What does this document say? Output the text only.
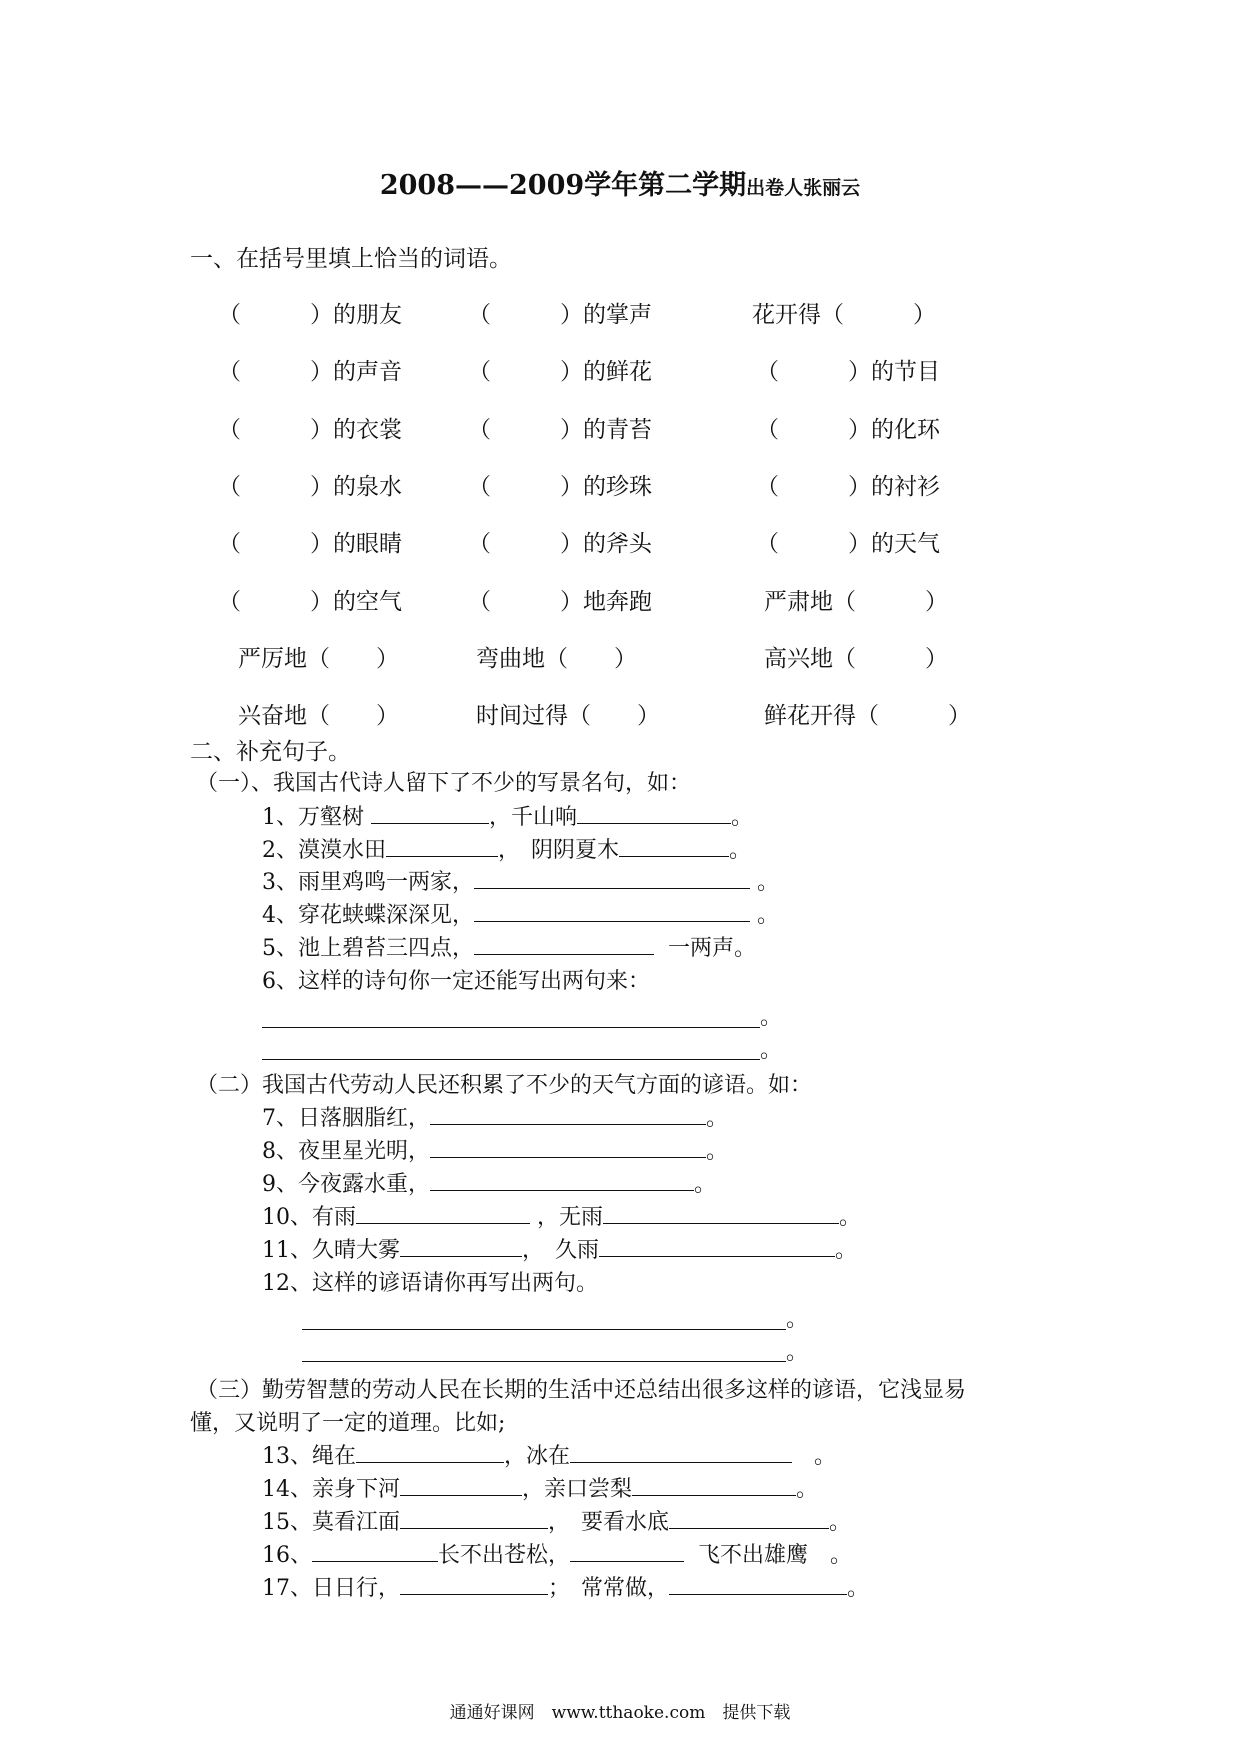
2008——2009学年第二学期出卷人张丽云
一、在括号里填上恰当的词语。
（　　　）的朋友	（　　　）的掌声	花开得（　　　）
（　　　）的声音	（　　　）的鲜花	（　　　）的节目
（　　　）的衣裳	（　　　）的青苔	（　　　）的化环
（　　　）的泉水	（　　　）的珍珠	（　　　）的衬衫
（　　　）的眼睛	（　　　）的斧头	（　　　）的天气
（　　　）的空气	（　　　）地奔跑	严肃地（　　　）
严厉地（　　）	弯曲地（　　）	高兴地（　　　）
兴奋地（　　）	时间过得（　　）	鲜花开得（　　　）
二、补充句子。
（一）、我国古代诗人留下了不少的写景名句，如：
1、万壑树	，千山响	。
2、漠漠水田	，　阴阴夏木	。
3、雨里鸡鸣一两家，	。
4、穿花蛱蝶深深见，	。
5、池上碧苔三四点，	一两声。
6、这样的诗句你一定还能写出两句来：
。
。
（二）我国古代劳动人民还积累了不少的天气方面的谚语。如：
7、日落胭脂红，	。
8、夜里星光明，	。
9、今夜露水重，	。
10、有雨	，无雨	。
11、久晴大雾	，　久雨	。
12、这样的谚语请你再写出两句。
。
。
（三）勤劳智慧的劳动人民在长期的生活中还总结出很多这样的谚语，它浅显易
懂，又说明了一定的道理。比如;
13、绳在	，冰在	　。
14、亲身下河	，亲口尝梨	。
15、莫看江面	，　要看水底	。
16、	长不出苍松，	飞不出雄鹰　。
17、日日行，	；　常常做，	。
通通好课网　www.tthaoke.com　提供下载
